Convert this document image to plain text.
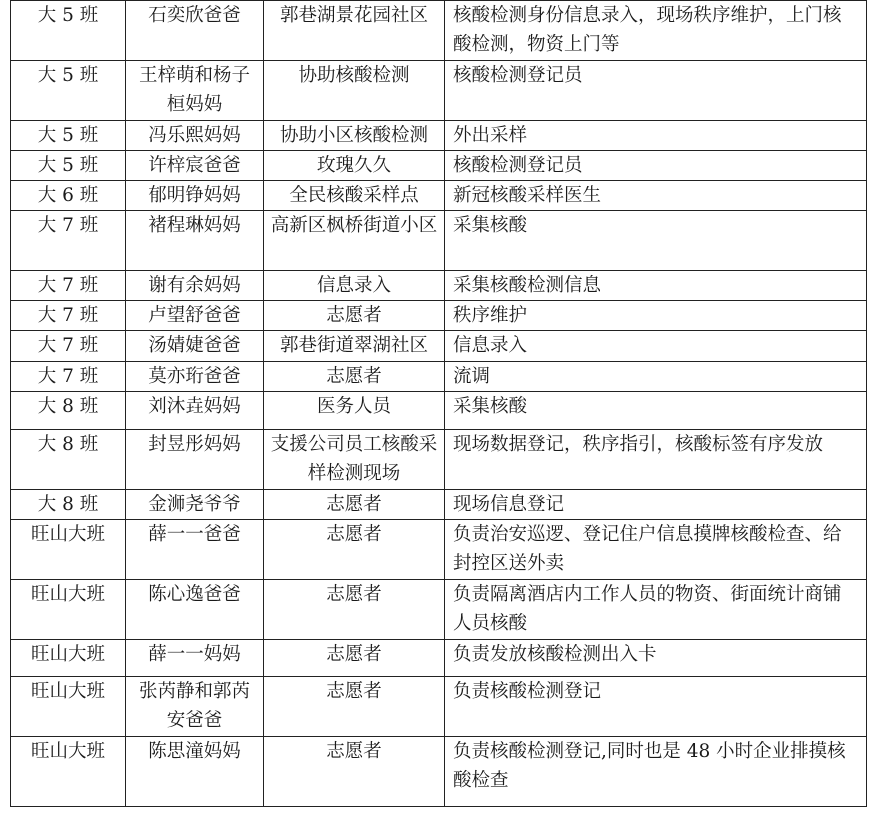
大 5 班	石奕欣爸爸	郭巷湖景花园社区	核酸检测身份信息录入，现场秩序维护，上门核酸检测，物资上门等
大 5 班	王梓萌和杨子桓妈妈	协助核酸检测	核酸检测登记员
大 5 班	冯乐熙妈妈	协助小区核酸检测	外出采样
大 5 班	许梓宸爸爸	玫瑰久久	核酸检测登记员
大 6 班	郁明铮妈妈	全民核酸采样点	新冠核酸采样医生
大 7 班	褚程琳妈妈	高新区枫桥街道小区	采集核酸
大 7 班	谢有余妈妈	信息录入	采集核酸检测信息
大 7 班	卢望舒爸爸	志愿者	秩序维护
大 7 班	汤婧婕爸爸	郭巷街道翠湖社区	信息录入
大 7 班	莫亦珩爸爸	志愿者	流调
大 8 班	刘沐垚妈妈	医务人员	采集核酸
大 8 班	封昱彤妈妈	支援公司员工核酸采样检测现场	现场数据登记，秩序指引，核酸标签有序发放
大 8 班	金浉尧爷爷	志愿者	现场信息登记
旺山大班	薛一一爸爸	志愿者	负责治安巡逻、登记住户信息摸牌核酸检查、给封控区送外卖
旺山大班	陈心逸爸爸	志愿者	负责隔离酒店内工作人员的物资、街面统计商铺人员核酸
旺山大班	薛一一妈妈	志愿者	负责发放核酸检测出入卡
旺山大班	张芮静和郭芮安爸爸	志愿者	负责核酸检测登记
旺山大班	陈思潼妈妈	志愿者	负责核酸检测登记,同时也是 48 小时企业排摸核酸检查
